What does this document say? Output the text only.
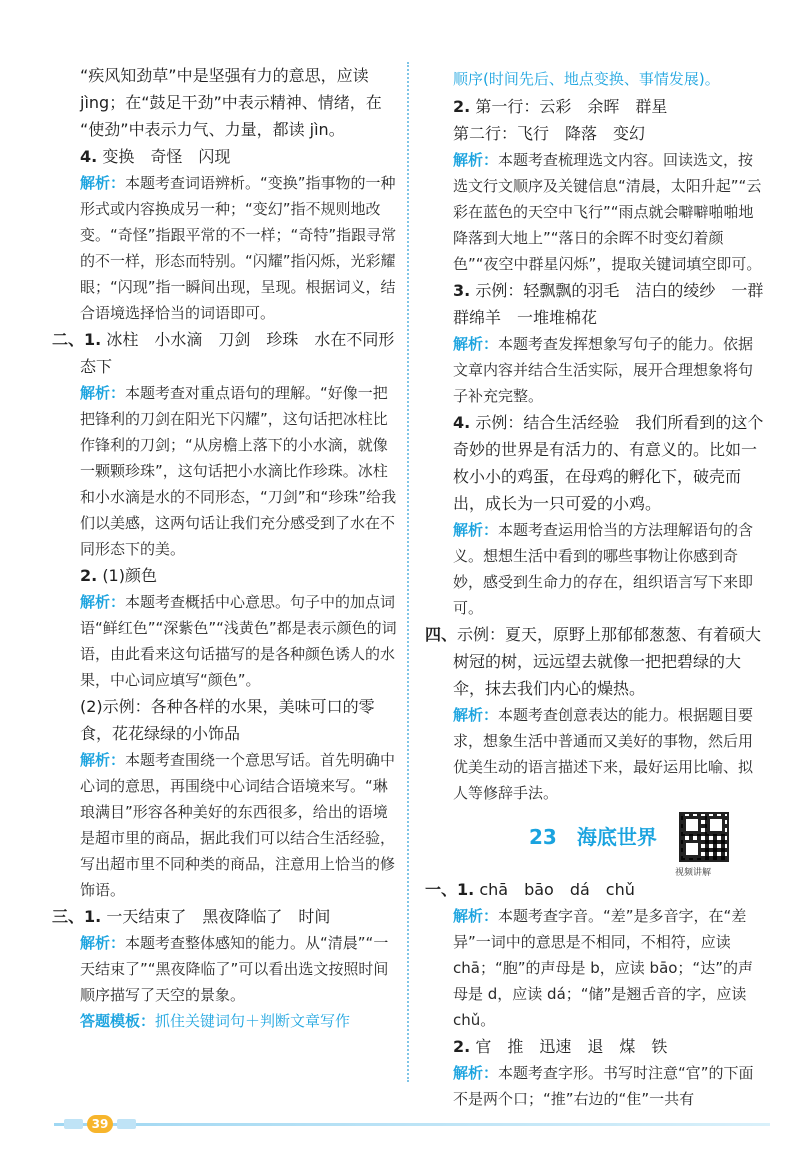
“疾风知劲草”中是坚强有力的意思，应读

jìng；在“鼓足干劲”中表示精神、情绪，在

“使劲”中表示力气、力量，都读 jìn。

4. 变换　奇怪　闪现

解析：本题考查词语辨析。“变换”指事物的一种形式或内容换成另一种；“变幻”指不规则地改变。“奇怪”指跟平常的不一样；“奇特”指跟寻常的不一样，形态而特别。“闪耀”指闪烁，光彩耀眼；“闪现”指一瞬间出现，呈现。根据词义，结合语境选择恰当的词语即可。

二、1. 冰柱　小水滴　刀剑　珍珠　水在不同形态下

解析：本题考查对重点语句的理解。“好像一把把锋利的刀剑在阳光下闪耀”，这句话把冰柱比作锋利的刀剑；“从房檐上落下的小水滴，就像一颗颗珍珠”，这句话把小水滴比作珍珠。冰柱和小水滴是水的不同形态，“刀剑”和“珍珠”给我们以美感，这两句话让我们充分感受到了水在不同形态下的美。

2. (1)颜色

解析：本题考查概括中心意思。句子中的加点词语“鲜红色”“深紫色”“浅黄色”都是表示颜色的词语，由此看来这句话描写的是各种颜色诱人的水果，中心词应填写“颜色”。

(2)示例：各种各样的水果，美味可口的零食，花花绿绿的小饰品

解析：本题考查围绕一个意思写话。首先明确中心词的意思，再围绕中心词结合语境来写。“琳琅满目”形容各种美好的东西很多，给出的语境是超市里的商品，据此我们可以结合生活经验，写出超市里不同种类的商品，注意用上恰当的修饰语。

三、1. 一天结束了　黑夜降临了　时间

解析：本题考查整体感知的能力。从“清晨”“一天结束了”“黑夜降临了”可以看出选文按照时间顺序描写了天空的景象。

答题模板：抓住关键词句＋判断文章写作

顺序(时间先后、地点变换、事情发展)。

2. 第一行：云彩　余晖　群星

第二行：飞行　降落　变幻

解析：本题考查梳理选文内容。回读选文，按选文行文顺序及关键信息“清晨，太阳升起”“云彩在蓝色的天空中飞行”“雨点就会噼噼啪啪地降落到大地上”“落日的余晖不时变幻着颜色”“夜空中群星闪烁”，提取关键词填空即可。

3. 示例：轻飘飘的羽毛　洁白的绫纱　一群群绵羊　一堆堆棉花

解析：本题考查发挥想象写句子的能力。依据文章内容并结合生活实际，展开合理想象将句子补充完整。

4. 示例：结合生活经验　我们所看到的这个奇妙的世界是有活力的、有意义的。比如一枚小小的鸡蛋，在母鸡的孵化下，破壳而出，成长为一只可爱的小鸡。

解析：本题考查运用恰当的方法理解语句的含义。想想生活中看到的哪些事物让你感到奇妙，感受到生命力的存在，组织语言写下来即可。

四、示例：夏天，原野上那郁郁葱葱、有着硕大树冠的树，远远望去就像一把把碧绿的大伞，抹去我们内心的燥热。

解析：本题考查创意表达的能力。根据题目要求，想象生活中普通而又美好的事物，然后用优美生动的语言描述下来，最好运用比喻、拟人等修辞手法。

23　海底世界
视频讲解

一、1. chā　bāo　dá　chǔ

解析：本题考查字音。“差”是多音字，在“差异”一词中的意思是不相同，不相符，应读 chā；“胞”的声母是 b，应读 bāo；“达”的声母是 d，应读 dá；“储”是翘舌音的字，应读 chǔ。

2. 官　推　迅速　退　煤　铁

解析：本题考查字形。书写时注意“官”的下面不是两个口；“推”右边的“隹”一共有

39
